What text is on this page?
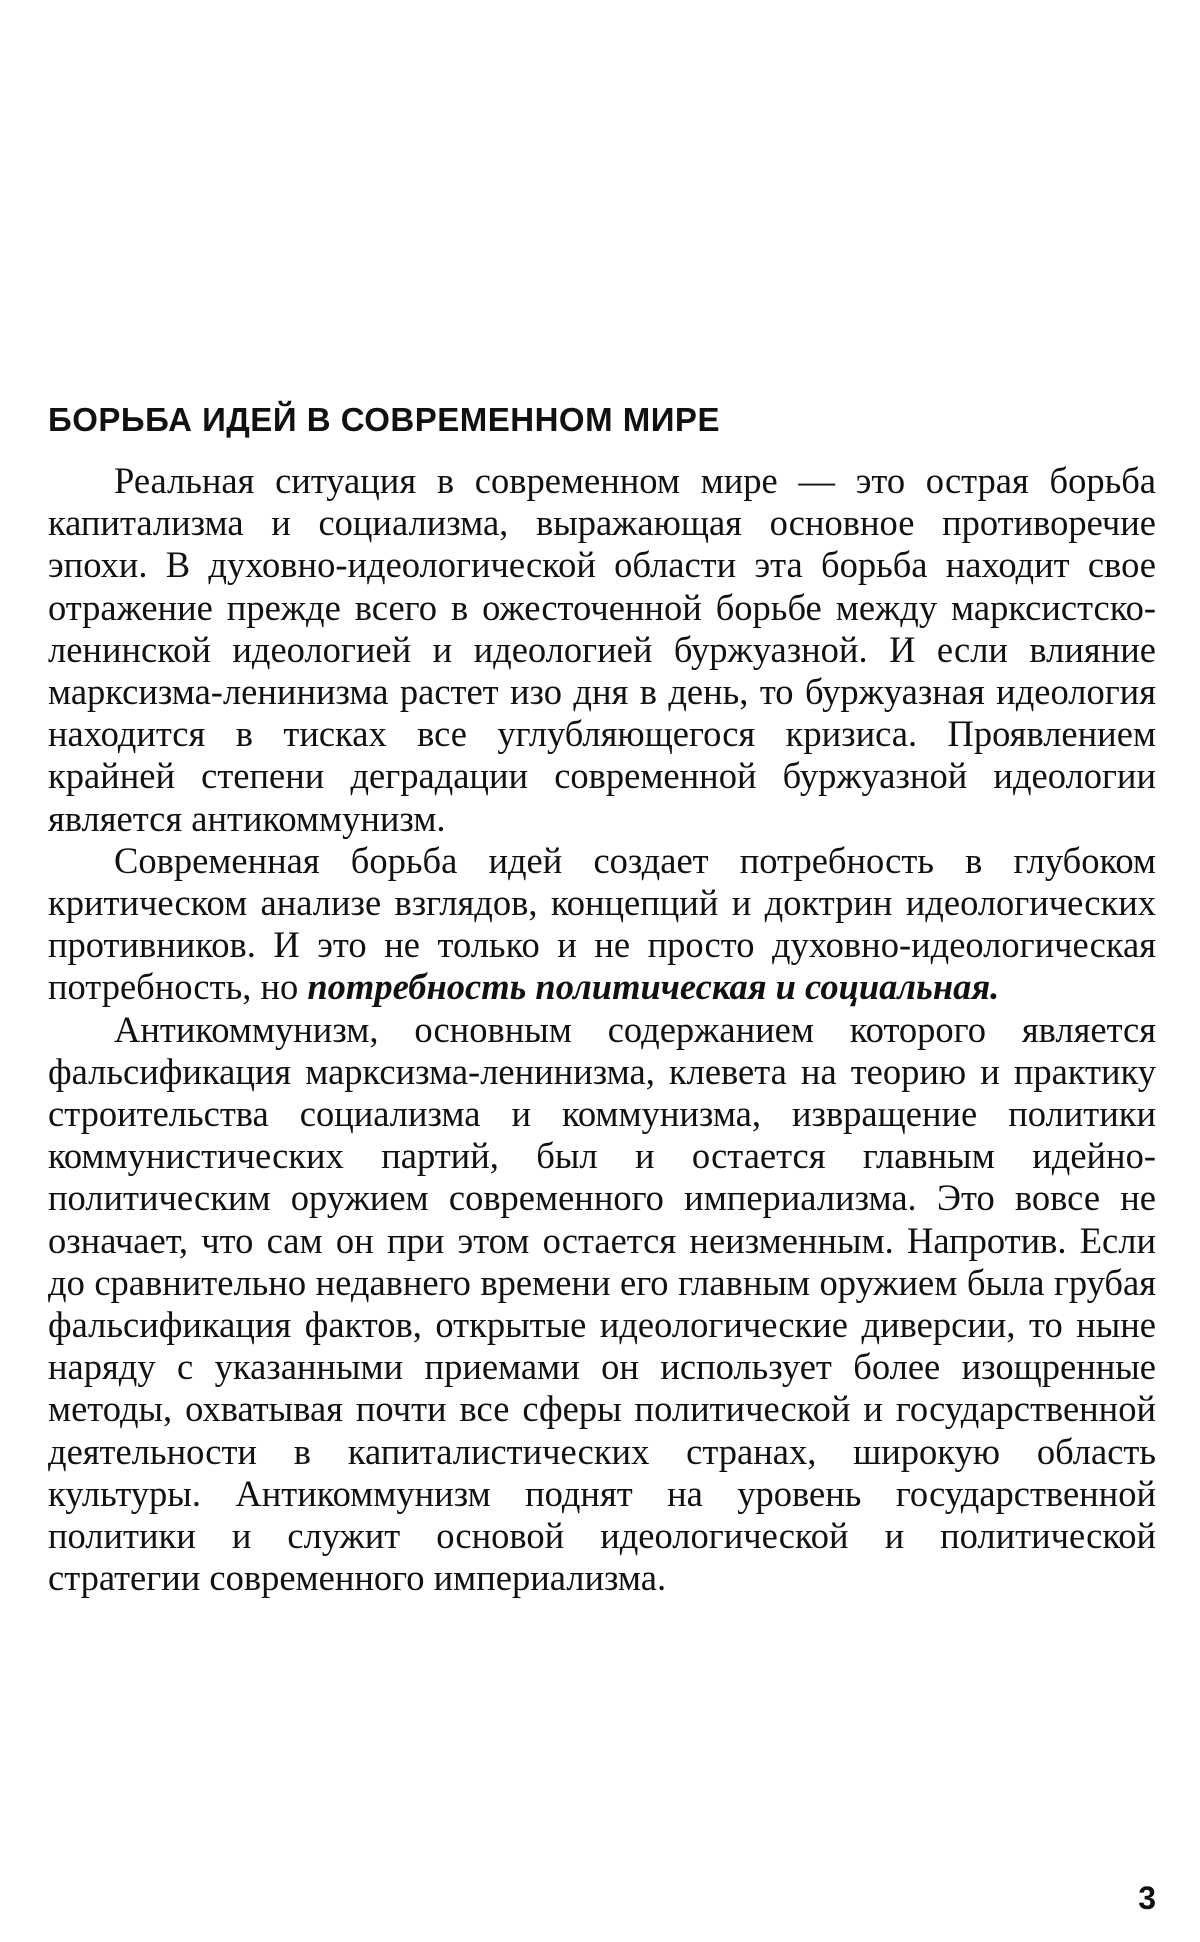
БОРЬБА ИДЕЙ В СОВРЕМЕННОМ МИРЕ

Реальная ситуация в современном мире — это острая борьба капитализма и социализма, выражающая основное противоречие эпохи. В духовно-идеологической области эта борьба находит свое отражение прежде всего в ожесточенной борьбе между марксистско-ленинской идеологией и идеологией буржуазной. И если влияние марксизма-ленинизма растет изо дня в день, то буржуазная идеология находится в тисках все углубляющегося кризиса. Проявлением крайней степени деградации современной буржуазной идеологии является антикоммунизм.

Современная борьба идей создает потребность в глубоком критическом анализе взглядов, концепций и доктрин идеологических противников. И это не только и не просто духовно-идеологическая потребность, но потребность политическая и социальная.

Антикоммунизм, основным содержанием которого является фальсификация марксизма-ленинизма, клевета на теорию и практику строительства социализма и коммунизма, извращение политики коммунистических партий, был и остается главным идейно-политическим оружием современного империализма. Это вовсе не означает, что сам он при этом остается неизменным. Напротив. Если до сравнительно недавнего времени его главным оружием была грубая фальсификация фактов, открытые идеологические диверсии, то ныне наряду с указанными приемами он использует более изощренные методы, охватывая почти все сферы политической и государственной деятельности в капиталистических странах, широкую область культуры. Антикоммунизм поднят на уровень государственной политики и служит основой идеологической и политической стратегии современного империализма.

3
